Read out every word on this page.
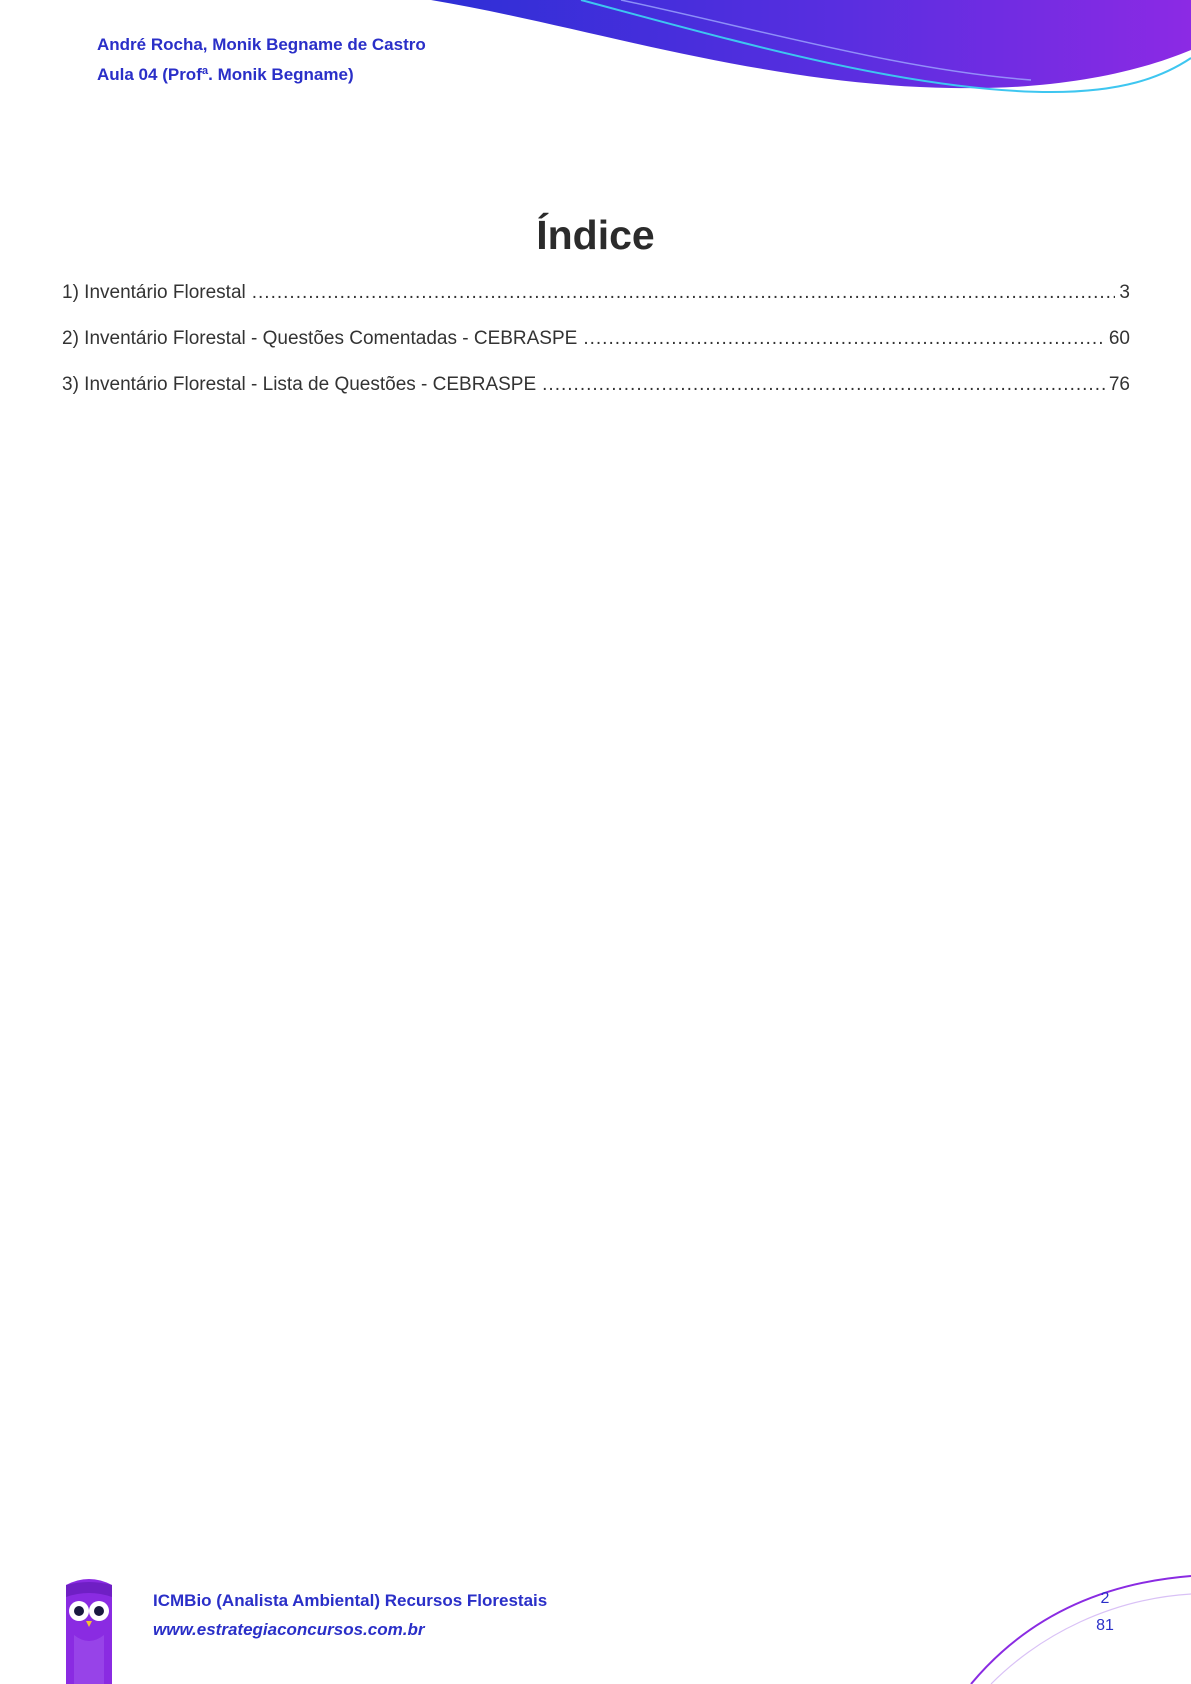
André Rocha, Monik Begname de Castro
Aula 04 (Profª. Monik Begname)
Índice
1) Inventário Florestal .....	3
2) Inventário Florestal - Questões Comentadas - CEBRASPE .....	60
3) Inventário Florestal - Lista de Questões - CEBRASPE .....	76
ICMBio (Analista Ambiental) Recursos Florestais
www.estrategiaconcursos.com.br
2
81
